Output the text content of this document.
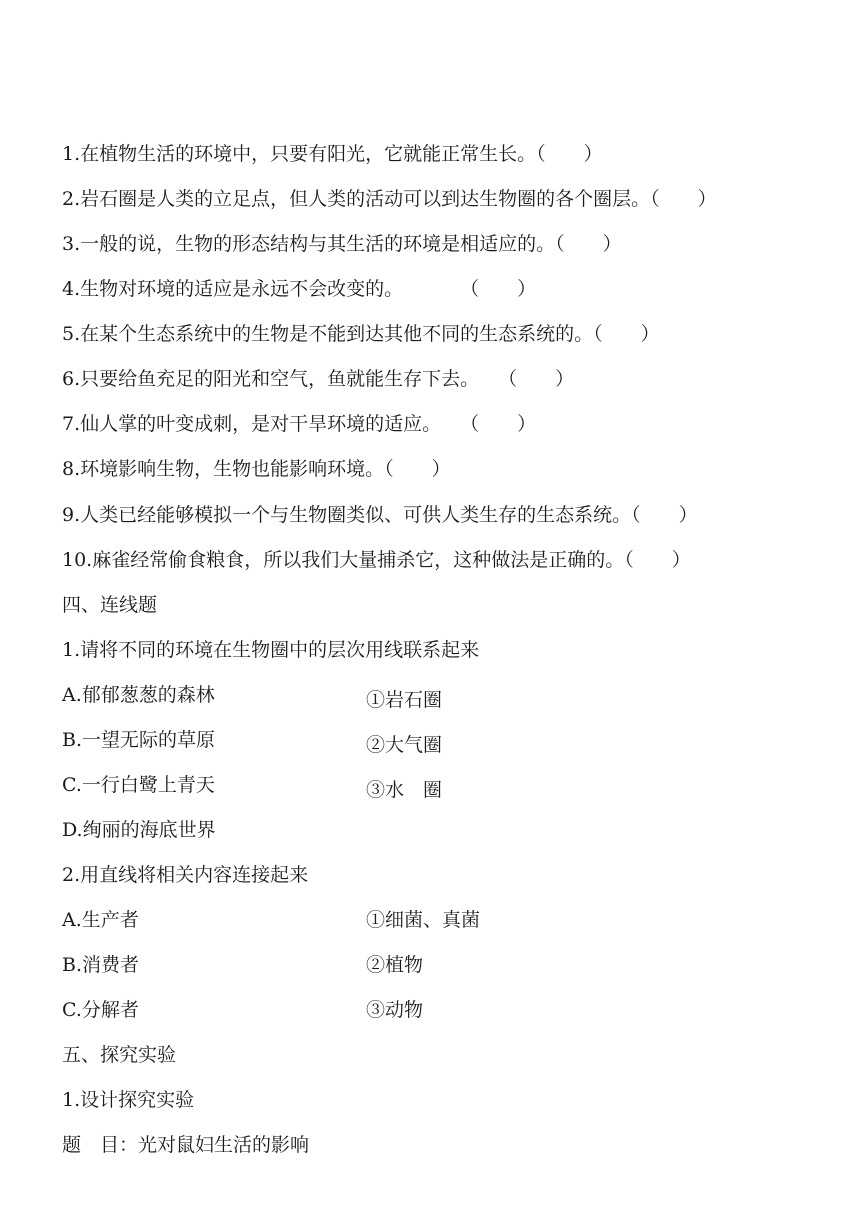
1.在植物生活的环境中，只要有阳光，它就能正常生长。（　　）
2.岩石圈是人类的立足点，但人类的活动可以到达生物圈的各个圈层。（　　）
3.一般的说，生物的形态结构与其生活的环境是相适应的。（　　）
4.生物对环境的适应是永远不会改变的。　　　　（　　）
5.在某个生态系统中的生物是不能到达其他不同的生态系统的。（　　）
6.只要给鱼充足的阳光和空气，鱼就能生存下去。　　（　　）
7.仙人掌的叶变成刺，是对干旱环境的适应。　　（　　）
8.环境影响生物，生物也能影响环境。（　　）
9.人类已经能够模拟一个与生物圈类似、可供人类生存的生态系统。（　　）
10.麻雀经常偷食粮食，所以我们大量捕杀它，这种做法是正确的。（　　）
四、连线题
1.请将不同的环境在生物圈中的层次用线联系起来
A.郁郁葱葱的森林	①岩石圈
B.一望无际的草原	②大气圈
C.一行白鹭上青天	③水　圈
D.绚丽的海底世界
2.用直线将相关内容连接起来
A.生产者	①细菌、真菌
B.消费者	②植物
C.分解者	③动物
五、探究实验
1.设计探究实验
题　目：光对鼠妇生活的影响
